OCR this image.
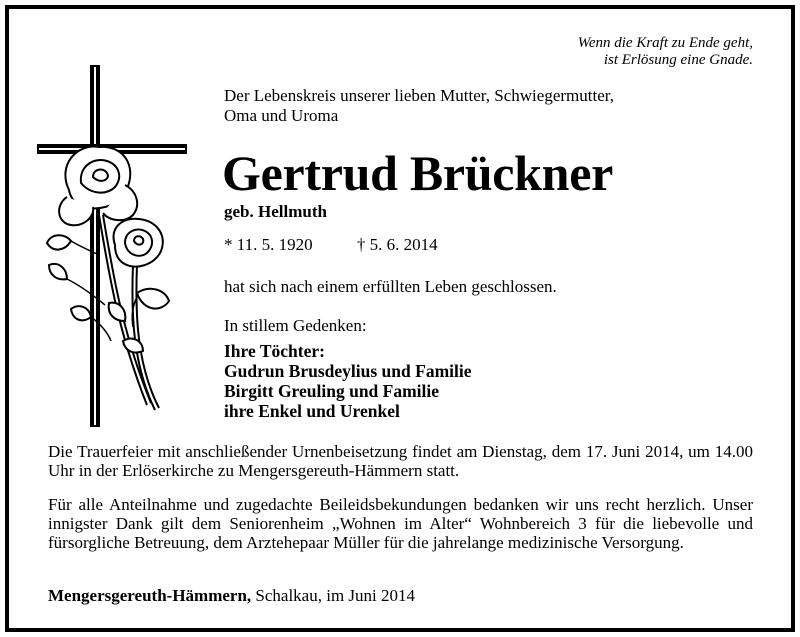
Wenn die Kraft zu Ende geht,
ist Erlösung eine Gnade.
Der Lebenskreis unserer lieben Mutter, Schwiegermutter,
Oma und Uroma
Gertrud Brückner
geb. Hellmuth
* 11. 5. 1920	† 5. 6. 2014
hat sich nach einem erfüllten Leben geschlossen.
In stillem Gedenken:
Ihre Töchter:
Gudrun Brusdeylius und Familie
Birgitt Greuling und Familie
ihre Enkel und Urenkel

Die Trauerfeier mit anschließender Urnenbeisetzung findet am Dienstag, dem 17. Juni 2014, um 14.00 Uhr in der Erlöserkirche zu Mengersgereuth-Hämmern statt.

Für alle Anteilnahme und zugedachte Beileidsbekundungen bedanken wir uns recht herzlich. Unser innigster Dank gilt dem Seniorenheim „Wohnen im Alter“ Wohnbereich 3 für die liebevolle und fürsorgliche Betreuung, dem Arztehepaar Müller für die jahrelange medizinische Versorgung.

Mengersgereuth-Hämmern, Schalkau, im Juni 2014
